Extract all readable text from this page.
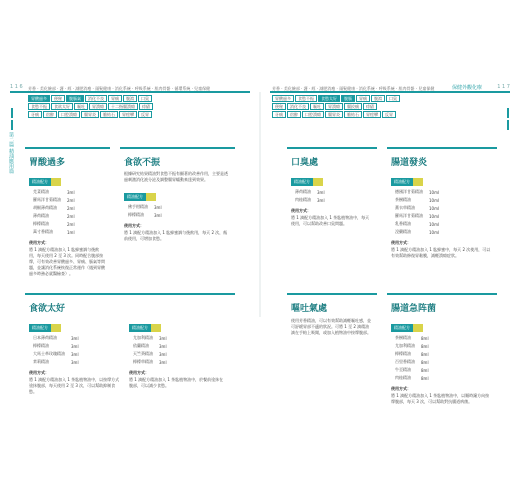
1 1 6 芳香 · 美化臉部 · 護 · 經 · 減肥消瘦 · 頭髮健康 · 消化系統 · 呼吸系統 · 肌肉骨骼 · 循環系統 · 兒童保健
胃酸過多	便秘	腹脹氣	消化不良	胃痛	腹瀉	口臭
食慾不振	食欲太好	嘔吐	胃潰瘍	十二指腸潰瘍	痔瘡
牙痛	宿醉	口腔潰瘍	腸胃炎	膽結石	胃痙攣	反胃
第二篇 精油應用篇
1 1 7
芳香 · 美化臉部 · 護 · 經 · 減肥消瘦 · 頭髮健康 · 消化系統 · 呼吸系統 · 肌肉骨骼 · 兒童保健	保健外觀化療
胃酸過多	食慾不振	食慾太好	腹脹	胃痛	腹瀉	口臭
便秘	消化不良	嘔吐	胃潰瘍	腸絞痛	痔瘡
牙痛	宿醉	口腔潰瘍	腸胃炎	膽結石	胃痙攣	反胃
胃酸過多
精油配方
芫荽精油	3ml
羅馬洋甘菊精油	2ml
胡椒薄荷精油	2ml
薄荷精油	2ml
檸檬精油	2ml
萬寸香精油	1ml
使用方式：
將 1 滴配方精油加入 1 匙蜂蜜調勻後飲用，每天使用 2 至 3 次。同時配合腹部按摩，可有效改善胃酸過多、胃痛、脹氣等問題，並讓消化系統恢復正常運作（遇到胃酸過多時務必就醫檢查）。
食欲不振
根據研究結果精油對食慾不振有顯著的改善作用，主要是透過刺激消化液分泌及調整腸胃蠕動來達到效果。
精油配方
佛手柑精油	3ml
檸檬精油	3ml
使用方式：
將 1 滴配方精油加入 1 匙蜂蜜調勻後飲用，每天 2 次，飯前使用，可增加食慾。
食欲太好
精油配方
日本薄荷精油	3ml
檸檬精油	3ml
大馬士革玫瑰精油	3ml
茉莉精油	3ml
使用方式：
將 1 滴配方精油加入 1 茶匙植物油中，以按摩方式塗抹腹部，每天使用 2 至 3 次，可以幫助抑制食慾。
精油配方
尤加利精油	3ml
依蘭精油	3ml
天竺葵精油	3ml
檸檬草精油	3ml
使用方式：
將 1 滴配方精油加入 1 茶匙植物油中，於餐前塗抹在腹部，可以減少食慾。
口臭處
精油配方
薄荷精油	3ml
肉桂精油	3ml
使用方式：
將 1 滴配方精油加入 1 茶匙植物油中，每天使用，可以幫助改善口臭問題。
腸道發炎
精油配方
德國洋甘菊精油	10ml
茶樹精油	10ml
薰衣草精油	10ml
羅馬洋甘菊精油	10ml
乳香精油	10ml
沒藥精油	10ml
使用方式：
將 1 滴配方精油加入 1 匙蜂蜜中，每天 2 次使用，可以有效幫助修復胃黏膜，減輕潰瘍症狀。
嘔吐氣處
使用芳香精油，可以有效幫助減輕嘔吐感，並可舒緩胃部不適的狀況。可將 1 至 2 滴精油滴在手帕上吸聞，或加入植物油中按摩腹部。
腸道急阵菌
精油配方
茶樹精油	8ml
尤加利精油	8ml
檸檬精油	8ml
百里香精油	8ml
牛至精油	8ml
肉桂精油	8ml
使用方式：
將 1 滴配方精油加入 1 茶匙植物油中，以順時鐘方向按摩腹部，每天 3 次，可以幫助對抗腸道病菌。
